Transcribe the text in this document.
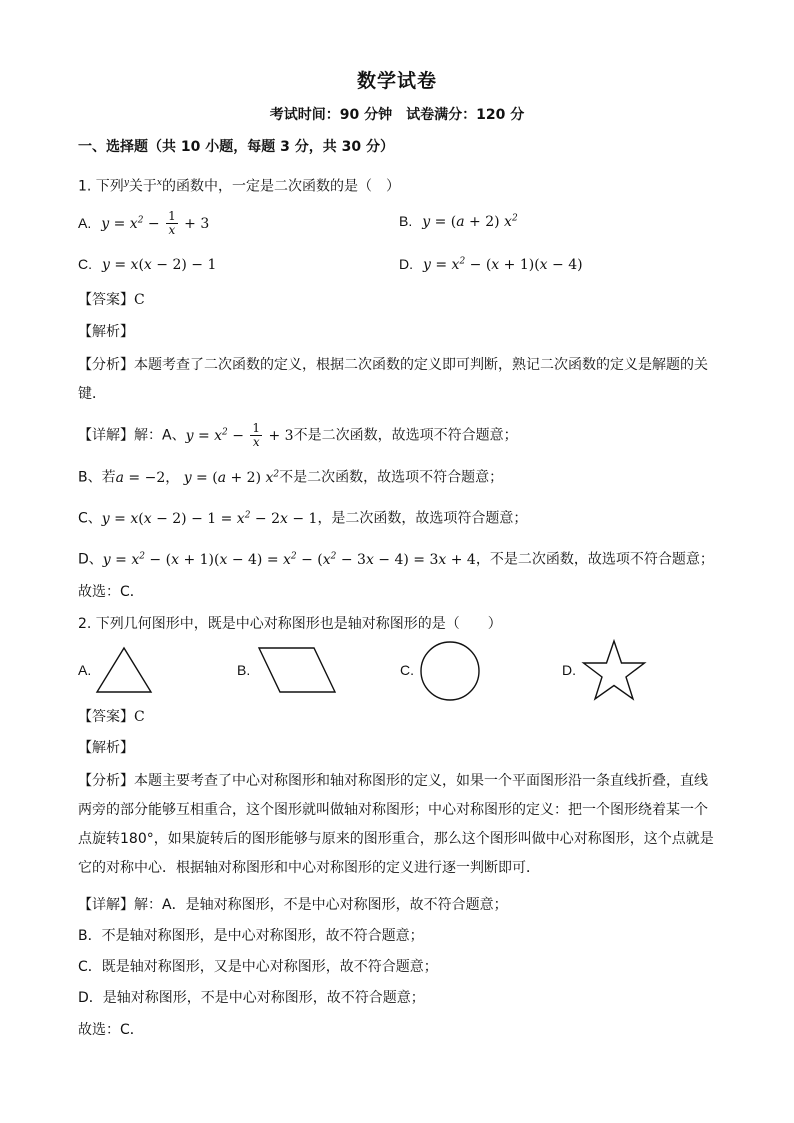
数学试卷
考试时间：90 分钟　试卷满分：120 分
一、选择题（共 10 小题，每题 3 分，共 30 分）
1. 下列$^y$关于$^x$的函数中，一定是二次函数的是（　）
A. $y = x^2 - \frac{1}{x} + 3$	B. y = (a + 2) $x^2$
C. y = x(x − 2) − 1	D. $y = x^2 - (x + 1)(x - 4)$
【答案】C
【解析】
【分析】本题考查了二次函数的定义，根据二次函数的定义即可判断，熟记二次函数的定义是解题的关键．
【详解】解：A、$y = x^2 - \frac{1}{x} + 3$不是二次函数，故选项不符合题意；
B、若a = −2， y = (a + 2) $x^2$不是二次函数，故选项不符合题意；
C、$y = x(x - 2) - 1 = x^2 - 2x - 1$，是二次函数，故选项符合题意；
D、$y = x^2 - (x + 1)(x - 4) = x^2 - (x^2 - 3x - 4) = 3x + 4$，不是二次函数，故选项不符合题意；
故选：C．
2. 下列几何图形中，既是中心对称图形也是轴对称图形的是（　　）
A.	B.	C.	D.
【答案】C
【解析】
【分析】本题主要考查了中心对称图形和轴对称图形的定义，如果一个平面图形沿一条直线折叠，直线两旁的部分能够互相重合，这个图形就叫做轴对称图形；中心对称图形的定义：把一个图形绕着某一个点旋转180°，如果旋转后的图形能够与原来的图形重合，那么这个图形叫做中心对称图形，这个点就是它的对称中心．根据轴对称图形和中心对称图形的定义进行逐一判断即可．
【详解】解：A．是轴对称图形，不是中心对称图形，故不符合题意；
B．不是轴对称图形，是中心对称图形，故不符合题意；
C．既是轴对称图形，又是中心对称图形，故不符合题意；
D．是轴对称图形，不是中心对称图形，故不符合题意；
故选：C．
